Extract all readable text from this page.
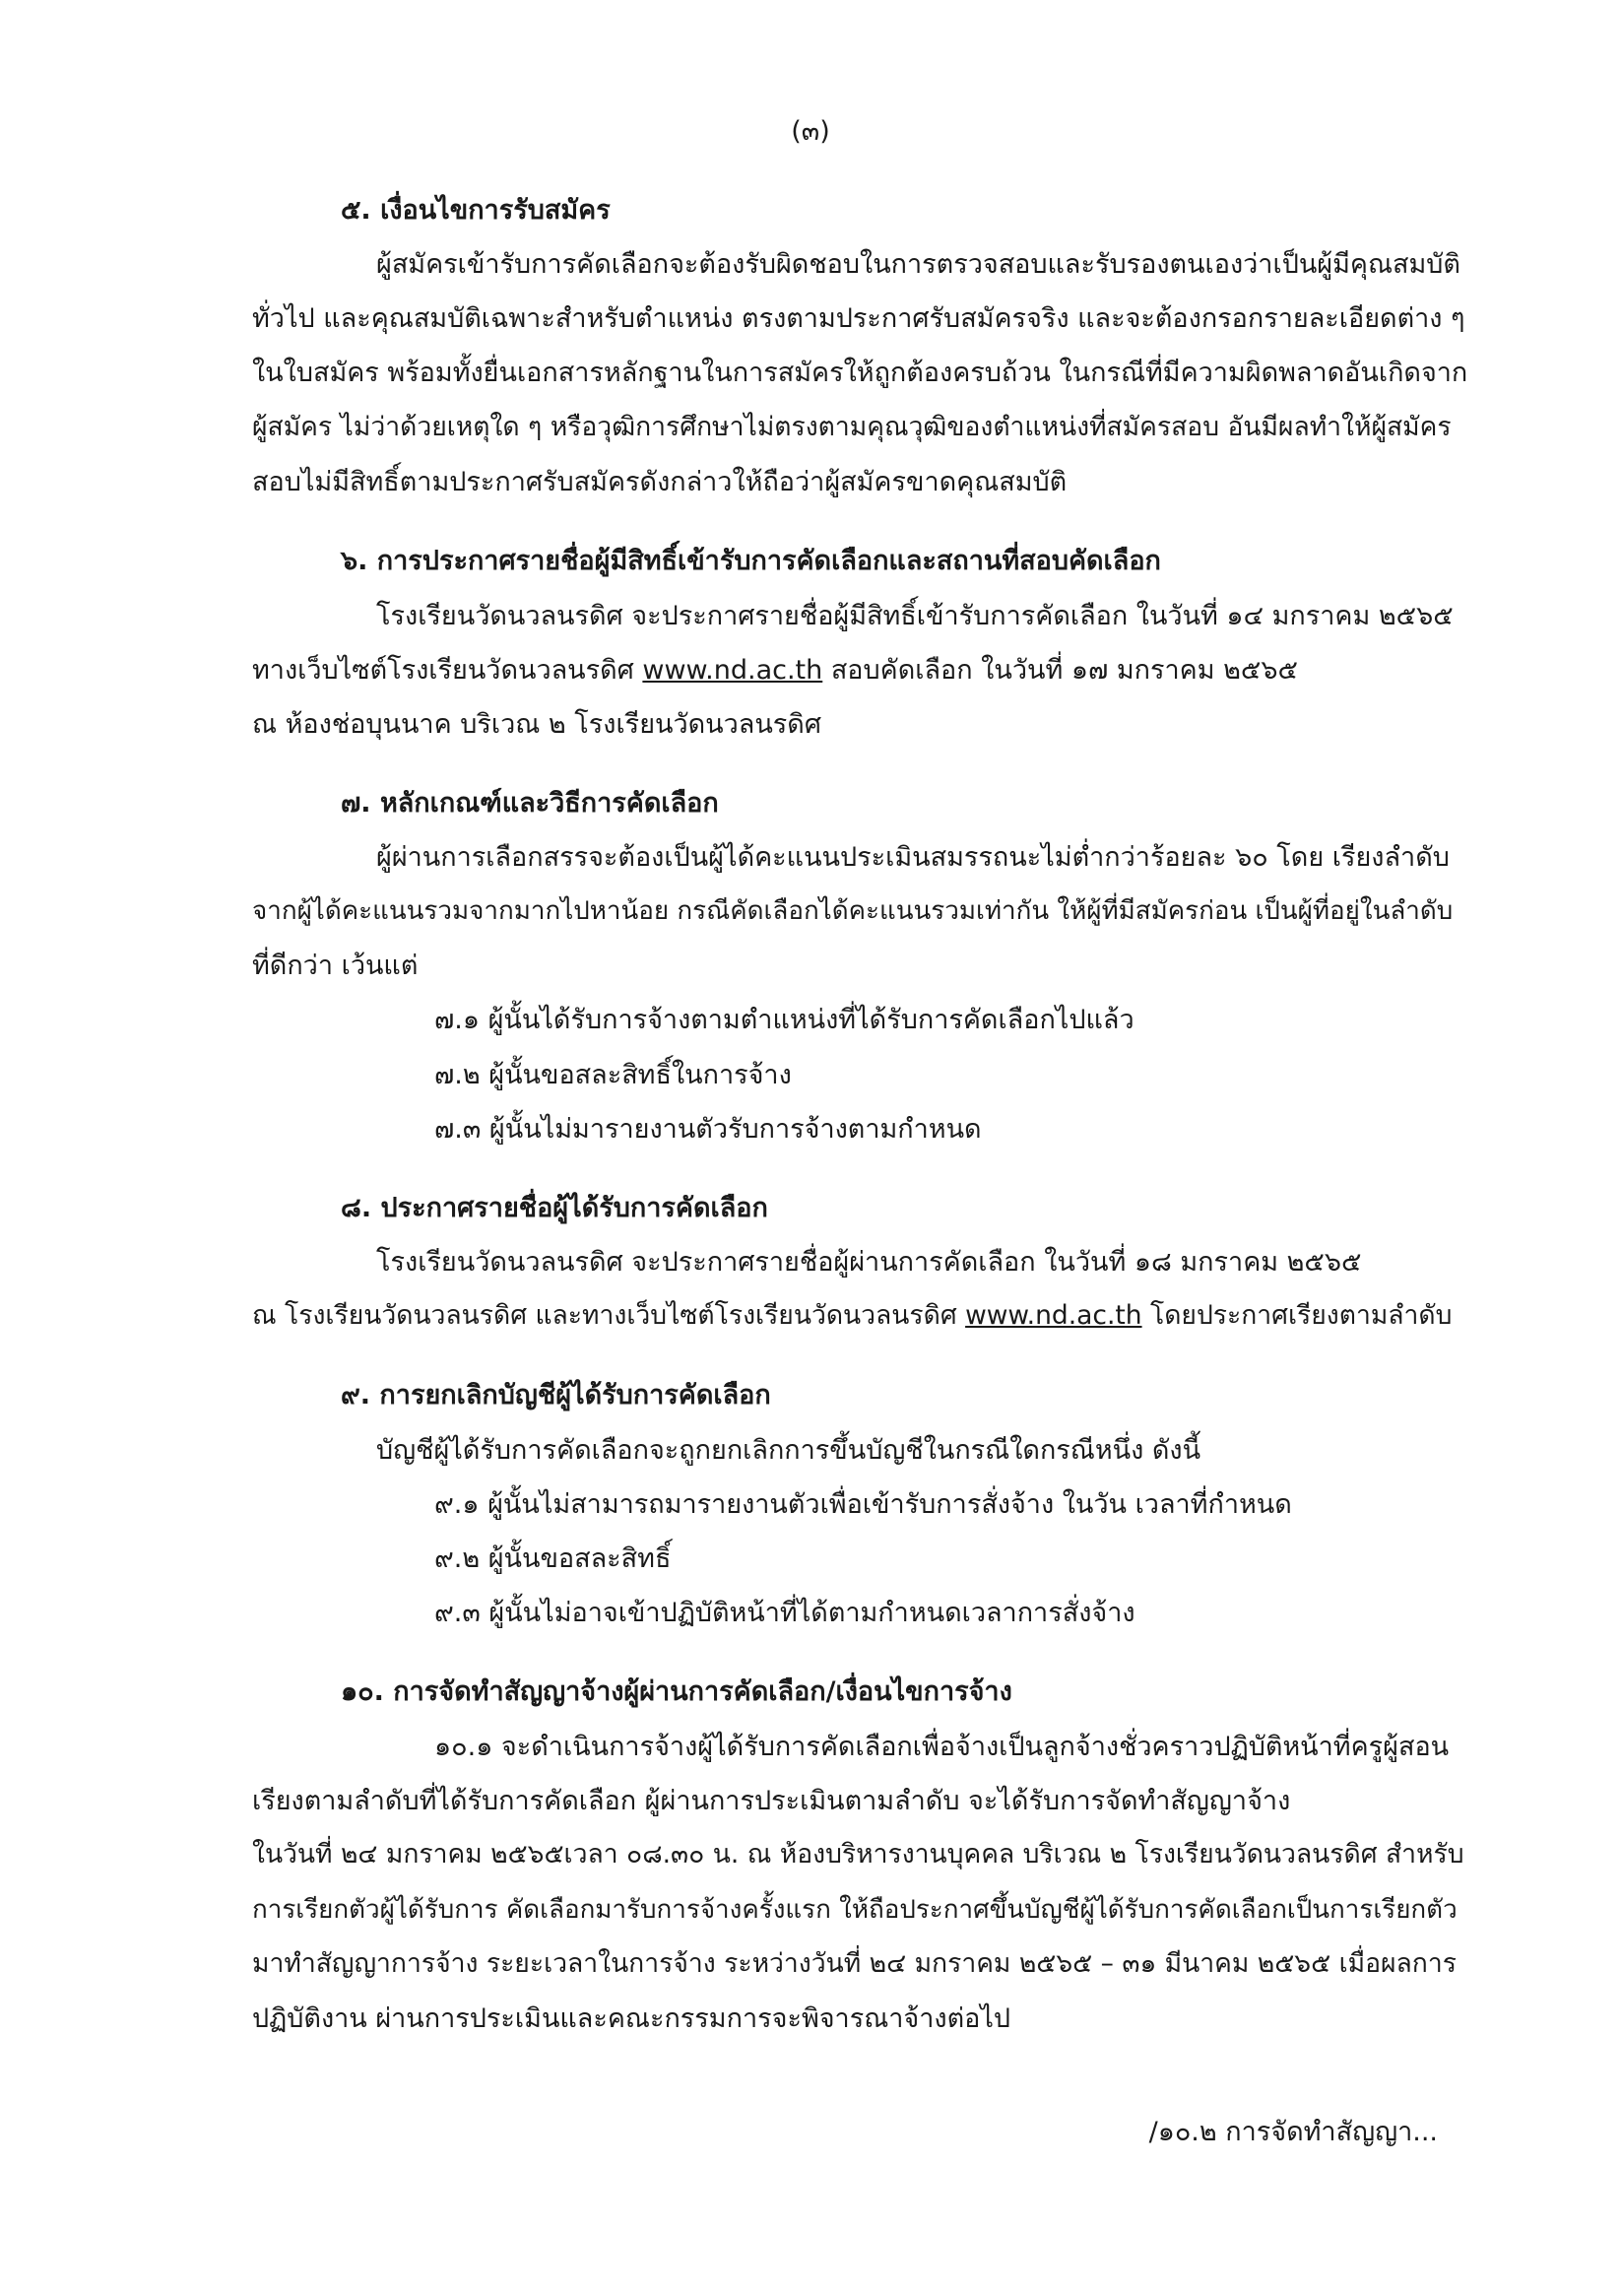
(๓)
๕. เงื่อนไขการรับสมัคร
ผู้สมัครเข้ารับการคัดเลือกจะต้องรับผิดชอบในการตรวจสอบและรับรองตนเองว่าเป็นผู้มีคุณสมบัติ
ทั่วไป และคุณสมบัติเฉพาะสำหรับตำแหน่ง ตรงตามประกาศรับสมัครจริง และจะต้องกรอกรายละเอียดต่าง ๆ
ในใบสมัคร พร้อมทั้งยื่นเอกสารหลักฐานในการสมัครให้ถูกต้องครบถ้วน ในกรณีที่มีความผิดพลาดอันเกิดจาก
ผู้สมัคร ไม่ว่าด้วยเหตุใด ๆ หรือวุฒิการศึกษาไม่ตรงตามคุณวุฒิของตำแหน่งที่สมัครสอบ อันมีผลทำให้ผู้สมัคร
สอบไม่มีสิทธิ์ตามประกาศรับสมัครดังกล่าวให้ถือว่าผู้สมัครขาดคุณสมบัติ
๖. การประกาศรายชื่อผู้มีสิทธิ์เข้ารับการคัดเลือกและสถานที่สอบคัดเลือก
โรงเรียนวัดนวลนรดิศ จะประกาศรายชื่อผู้มีสิทธิ์เข้ารับการคัดเลือก ในวันที่ ๑๔ มกราคม ๒๕๖๕
ทางเว็บไซต์โรงเรียนวัดนวลนรดิศ www.nd.ac.th สอบคัดเลือก ในวันที่ ๑๗ มกราคม ๒๕๖๕
ณ ห้องช่อบุนนาค บริเวณ ๒ โรงเรียนวัดนวลนรดิศ
๗. หลักเกณฑ์และวิธีการคัดเลือก
ผู้ผ่านการเลือกสรรจะต้องเป็นผู้ได้คะแนนประเมินสมรรถนะไม่ต่ำกว่าร้อยละ ๖๐ โดย เรียงลำดับ
จากผู้ได้คะแนนรวมจากมากไปหาน้อย กรณีคัดเลือกได้คะแนนรวมเท่ากัน ให้ผู้ที่มีสมัครก่อน เป็นผู้ที่อยู่ในลำดับ
ที่ดีกว่า เว้นแต่
๗.๑ ผู้นั้นได้รับการจ้างตามตำแหน่งที่ได้รับการคัดเลือกไปแล้ว
๗.๒ ผู้นั้นขอสละสิทธิ์ในการจ้าง
๗.๓ ผู้นั้นไม่มารายงานตัวรับการจ้างตามกำหนด
๘. ประกาศรายชื่อผู้ได้รับการคัดเลือก
โรงเรียนวัดนวลนรดิศ จะประกาศรายชื่อผู้ผ่านการคัดเลือก ในวันที่ ๑๘ มกราคม ๒๕๖๕
ณ โรงเรียนวัดนวลนรดิศ และทางเว็บไซต์โรงเรียนวัดนวลนรดิศ www.nd.ac.th โดยประกาศเรียงตามลำดับ
๙. การยกเลิกบัญชีผู้ได้รับการคัดเลือก
บัญชีผู้ได้รับการคัดเลือกจะถูกยกเลิกการขึ้นบัญชีในกรณีใดกรณีหนึ่ง ดังนี้
๙.๑ ผู้นั้นไม่สามารถมารายงานตัวเพื่อเข้ารับการสั่งจ้าง ในวัน เวลาที่กำหนด
๙.๒ ผู้นั้นขอสละสิทธิ์
๙.๓ ผู้นั้นไม่อาจเข้าปฏิบัติหน้าที่ได้ตามกำหนดเวลาการสั่งจ้าง
๑๐. การจัดทำสัญญาจ้างผู้ผ่านการคัดเลือก/เงื่อนไขการจ้าง
๑๐.๑ จะดำเนินการจ้างผู้ได้รับการคัดเลือกเพื่อจ้างเป็นลูกจ้างชั่วคราวปฏิบัติหน้าที่ครูผู้สอน
เรียงตามลำดับที่ได้รับการคัดเลือก ผู้ผ่านการประเมินตามลำดับ จะได้รับการจัดทำสัญญาจ้าง
ในวันที่ ๒๔ มกราคม ๒๕๖๕เวลา ๐๘.๓๐ น. ณ ห้องบริหารงานบุคคล บริเวณ ๒ โรงเรียนวัดนวลนรดิศ สำหรับ
การเรียกตัวผู้ได้รับการ คัดเลือกมารับการจ้างครั้งแรก ให้ถือประกาศขึ้นบัญชีผู้ได้รับการคัดเลือกเป็นการเรียกตัว
มาทำสัญญาการจ้าง ระยะเวลาในการจ้าง ระหว่างวันที่ ๒๔ มกราคม ๒๕๖๕ – ๓๑ มีนาคม ๒๕๖๕ เมื่อผลการ
ปฏิบัติงาน ผ่านการประเมินและคณะกรรมการจะพิจารณาจ้างต่อไป
/๑๐.๒ การจัดทำสัญญา...
